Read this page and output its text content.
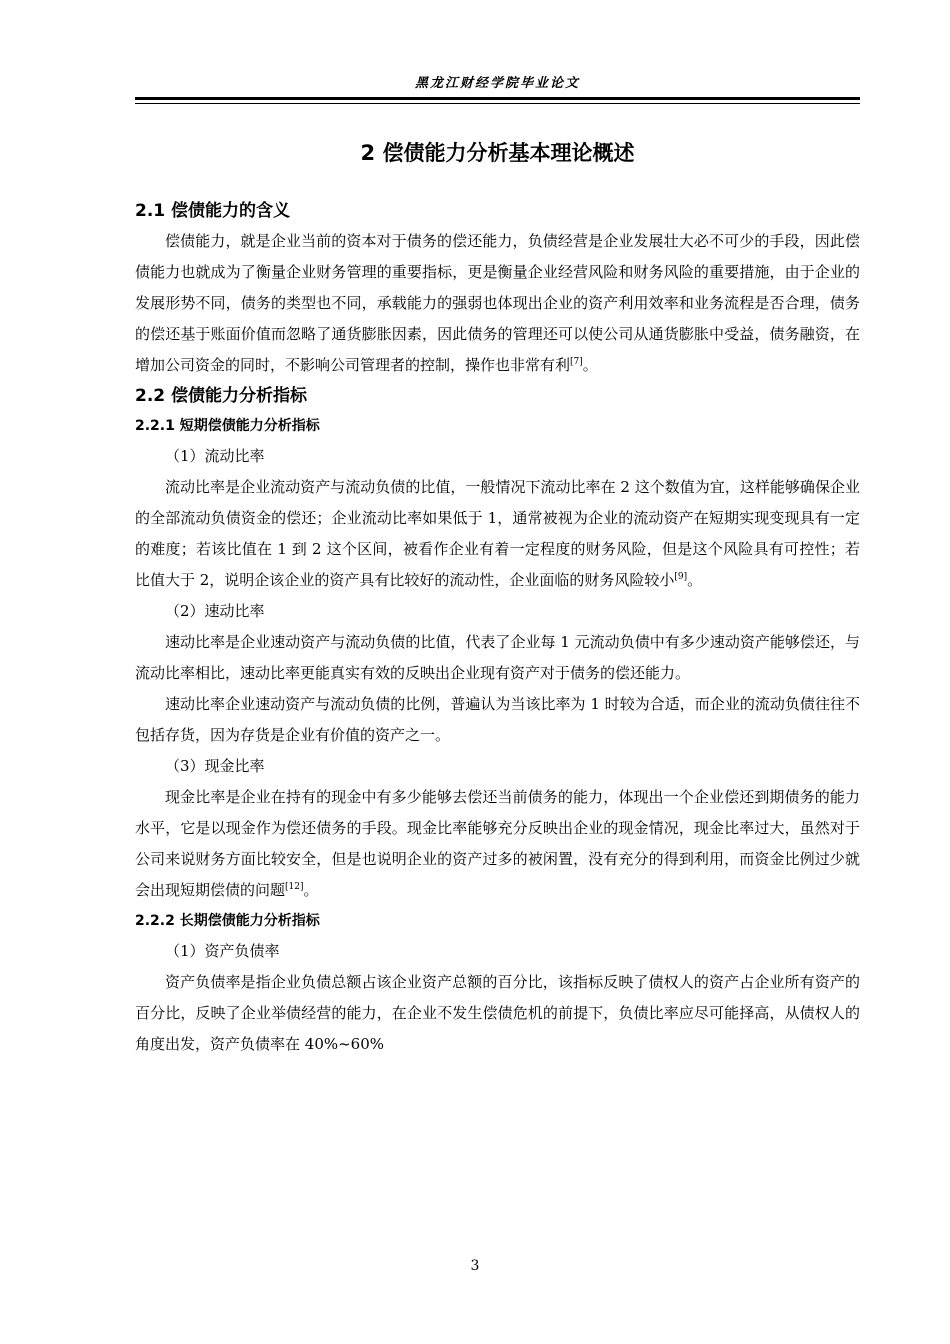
黑龙江财经学院毕业论文
2 偿债能力分析基本理论概述
2.1 偿债能力的含义

偿债能力，就是企业当前的资本对于债务的偿还能力，负债经营是企业发展壮大必不可少的手段，因此偿债能力也就成为了衡量企业财务管理的重要指标，更是衡量企业经营风险和财务风险的重要措施，由于企业的发展形势不同，债务的类型也不同，承载能力的强弱也体现出企业的资产利用效率和业务流程是否合理，债务的偿还基于账面价值而忽略了通货膨胀因素，因此债务的管理还可以使公司从通货膨胀中受益，债务融资，在增加公司资金的同时，不影响公司管理者的控制，操作也非常有利[7]。

2.2 偿债能力分析指标
2.2.1 短期偿债能力分析指标

（1）流动比率

流动比率是企业流动资产与流动负债的比值，一般情况下流动比率在 2 这个数值为宜，这样能够确保企业的全部流动负债资金的偿还；企业流动比率如果低于 1，通常被视为企业的流动资产在短期实现变现具有一定的难度；若该比值在 1 到 2 这个区间，被看作企业有着一定程度的财务风险，但是这个风险具有可控性；若比值大于 2，说明企该企业的资产具有比较好的流动性，企业面临的财务风险较小[9]。

（2）速动比率

速动比率是企业速动资产与流动负债的比值，代表了企业每 1 元流动负债中有多少速动资产能够偿还，与流动比率相比，速动比率更能真实有效的反映出企业现有资产对于债务的偿还能力。

速动比率企业速动资产与流动负债的比例，普遍认为当该比率为 1 时较为合适，而企业的流动负债往往不包括存货，因为存货是企业有价值的资产之一。

（3）现金比率

现金比率是企业在持有的现金中有多少能够去偿还当前债务的能力，体现出一个企业偿还到期债务的能力水平，它是以现金作为偿还债务的手段。现金比率能够充分反映出企业的现金情况，现金比率过大，虽然对于公司来说财务方面比较安全，但是也说明企业的资产过多的被闲置，没有充分的得到利用，而资金比例过少就会出现短期偿债的问题[12]。

2.2.2 长期偿债能力分析指标

（1）资产负债率

资产负债率是指企业负债总额占该企业资产总额的百分比，该指标反映了债权人的资产占企业所有资产的百分比，反映了企业举债经营的能力，在企业不发生偿债危机的前提下，负债比率应尽可能择高，从债权人的角度出发，资产负债率在 40%~60%

3
